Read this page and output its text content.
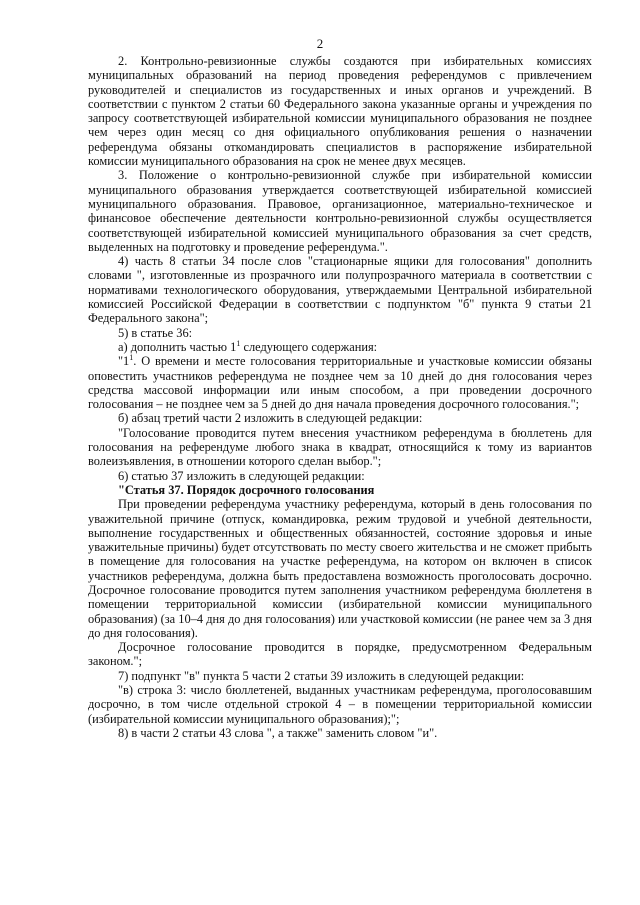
2

2. Контрольно-ревизионные службы создаются при избирательных комиссиях муниципальных образований на период проведения референдумов с привлечением руководителей и специалистов из государственных и иных органов и учреждений. В соответствии с пунктом 2 статьи 60 Федерального закона указанные органы и учреждения по запросу соответствующей избирательной комиссии муниципального образования не позднее чем через один месяц со дня официального опубликования решения о назначении референдума обязаны откомандировать специалистов в распоряжение избирательной комиссии муниципального образования на срок не менее двух месяцев.

3. Положение о контрольно-ревизионной службе при избирательной комиссии муниципального образования утверждается соответствующей избирательной комиссией муниципального образования. Правовое, организационное, материально-техническое и финансовое обеспечение деятельности контрольно-ревизионной службы осуществляется соответствующей избирательной комиссией муниципального образования за счет средств, выделенных на подготовку и проведение референдума.".

4) часть 8 статьи 34 после слов "стационарные ящики для голосования" дополнить словами ", изготовленные из прозрачного или полупрозрачного материала в соответствии с нормативами технологического оборудования, утверждаемыми Центральной избирательной комиссией Российской Федерации в соответствии с подпунктом "б" пункта 9 статьи 21 Федерального закона";

5) в статье 36:

а) дополнить частью $1^1$ следующего содержания:

"$1^1$. О времени и месте голосования территориальные и участковые комиссии обязаны оповестить участников референдума не позднее чем за 10 дней до дня голосования через средства массовой информации или иным способом, а при проведении досрочного голосования – не позднее чем за 5 дней до дня начала проведения досрочного голосования.";

б) абзац третий части 2 изложить в следующей редакции:

"Голосование проводится путем внесения участником референдума в бюллетень для голосования на референдуме любого знака в квадрат, относящийся к тому из вариантов волеизъявления, в отношении которого сделан выбор.";

6) статью 37 изложить в следующей редакции:

"Статья 37. Порядок досрочного голосования

При проведении референдума участнику референдума, который в день голосования по уважительной причине (отпуск, командировка, режим трудовой и учебной деятельности, выполнение государственных и общественных обязанностей, состояние здоровья и иные уважительные причины) будет отсутствовать по месту своего жительства и не сможет прибыть в помещение для голосования на участке референдума, на котором он включен в список участников референдума, должна быть предоставлена возможность проголосовать досрочно. Досрочное голосование проводится путем заполнения участником референдума бюллетеня в помещении территориальной комиссии (избирательной комиссии муниципального образования) (за 10–4 дня до дня голосования) или участковой комиссии (не ранее чем за 3 дня до дня голосования).

Досрочное голосование проводится в порядке, предусмотренном Федеральным законом.";

7) подпункт "в" пункта 5 части 2 статьи 39 изложить в следующей редакции:

"в) строка 3: число бюллетеней, выданных участникам референдума, проголосовавшим досрочно, в том числе отдельной строкой 4 – в помещении территориальной комиссии (избирательной комиссии муниципального образования);";

8) в части 2 статьи 43 слова ", а также" заменить словом "и".
